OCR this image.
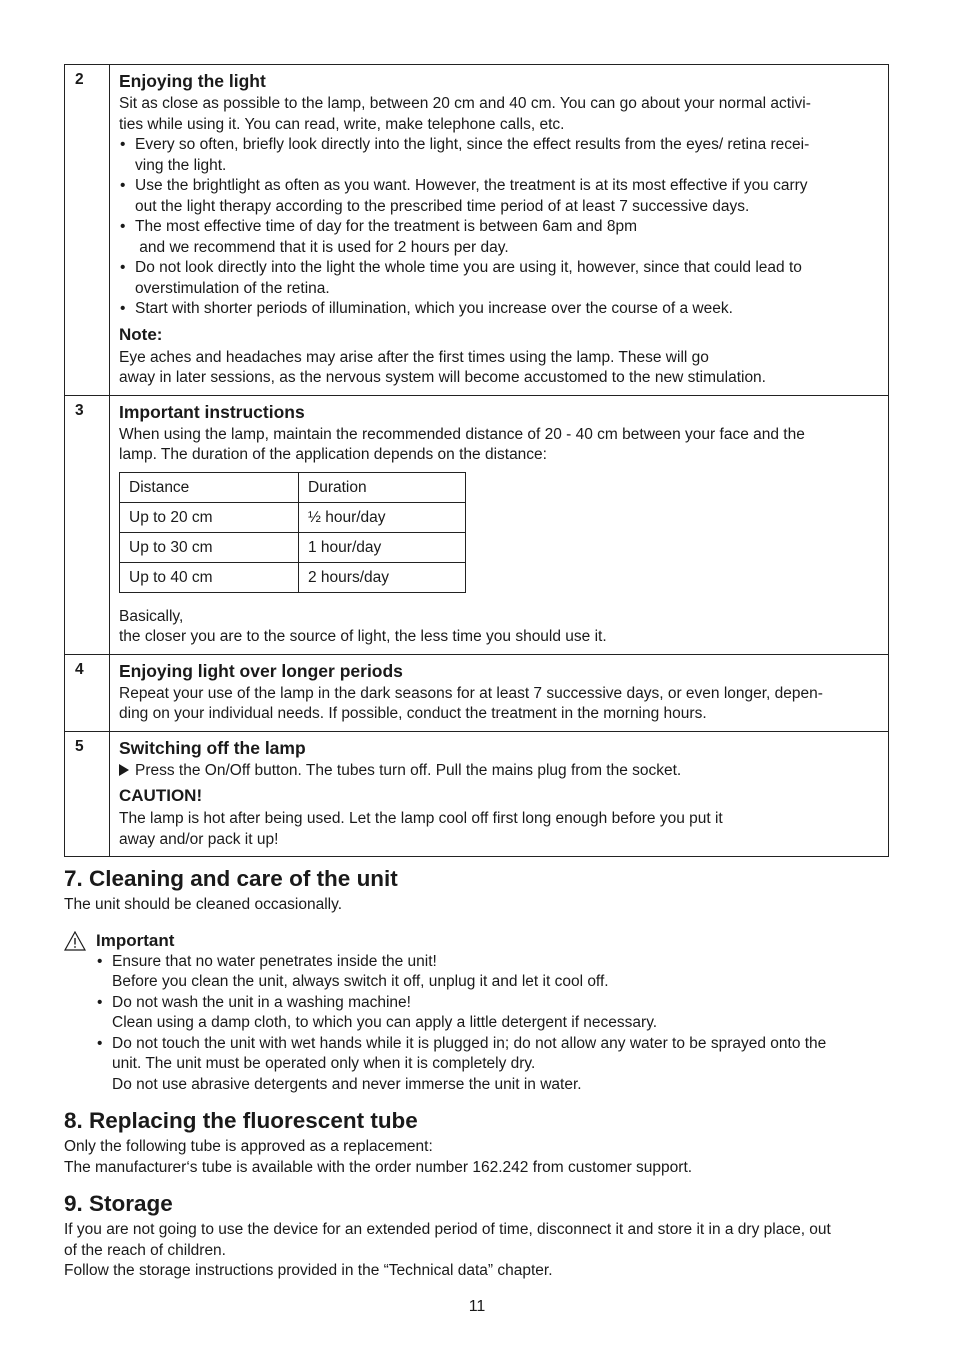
2	Enjoying the light
Sit as close as possible to the lamp, between 20 cm and 40 cm. You can go about your normal activi-
ties while using it. You can read, write, make telephone calls, etc.
• Every so often, briefly look directly into the light, since the effect results from the eyes/ retina recei-
ving the light.
• Use the brightlight as often as you want. However, the treatment is at its most effective if you carry
out the light therapy according to the prescribed time period of at least 7 successive days.
• The most effective time of day for the treatment is between 6am and 8pm
and we recommend that it is used for 2 hours per day.
• Do not look directly into the light the whole time you are using it, however, since that could lead to
overstimulation of the retina.
• Start with shorter periods of illumination, which you increase over the course of a week.
Note:
Eye aches and headaches may arise after the first times using the lamp. These will go
away in later sessions, as the nervous system will become accustomed to the new stimulation.

3	Important instructions
When using the lamp, maintain the recommended distance of 20 - 40 cm between your face and the
lamp. The duration of the application depends on the distance:
Distance	Duration
Up to 20 cm	½ hour/day
Up to 30 cm	1 hour/day
Up to 40 cm	2 hours/day
Basically,
the closer you are to the source of light, the less time you should use it.

4	Enjoying light over longer periods
Repeat your use of the lamp in the dark seasons for at least 7 successive days, or even longer, depen-
ding on your individual needs. If possible, conduct the treatment in the morning hours.

5	Switching off the lamp
Press the On/Off button. The tubes turn off. Pull the mains plug from the socket.
CAUTION!
The lamp is hot after being used. Let the lamp cool off first long enough before you put it
away and/or pack it up!
7. Cleaning and care of the unit
The unit should be cleaned occasionally.
Important
• Ensure that no water penetrates inside the unit!
Before you clean the unit, always switch it off, unplug it and let it cool off.
• Do not wash the unit in a washing machine!
Clean using a damp cloth, to which you can apply a little detergent if necessary.
• Do not touch the unit with wet hands while it is plugged in; do not allow any water to be sprayed onto the
unit. The unit must be operated only when it is completely dry.
Do not use abrasive detergents and never immerse the unit in water.
8. Replacing the fluorescent tube
Only the following tube is approved as a replacement:
The manufacturer‘s tube is available with the order number 162.242 from customer support.
9. Storage
If you are not going to use the device for an extended period of time, disconnect it and store it in a dry place, out
of the reach of children.
Follow the storage instructions provided in the “Technical data” chapter.
11
